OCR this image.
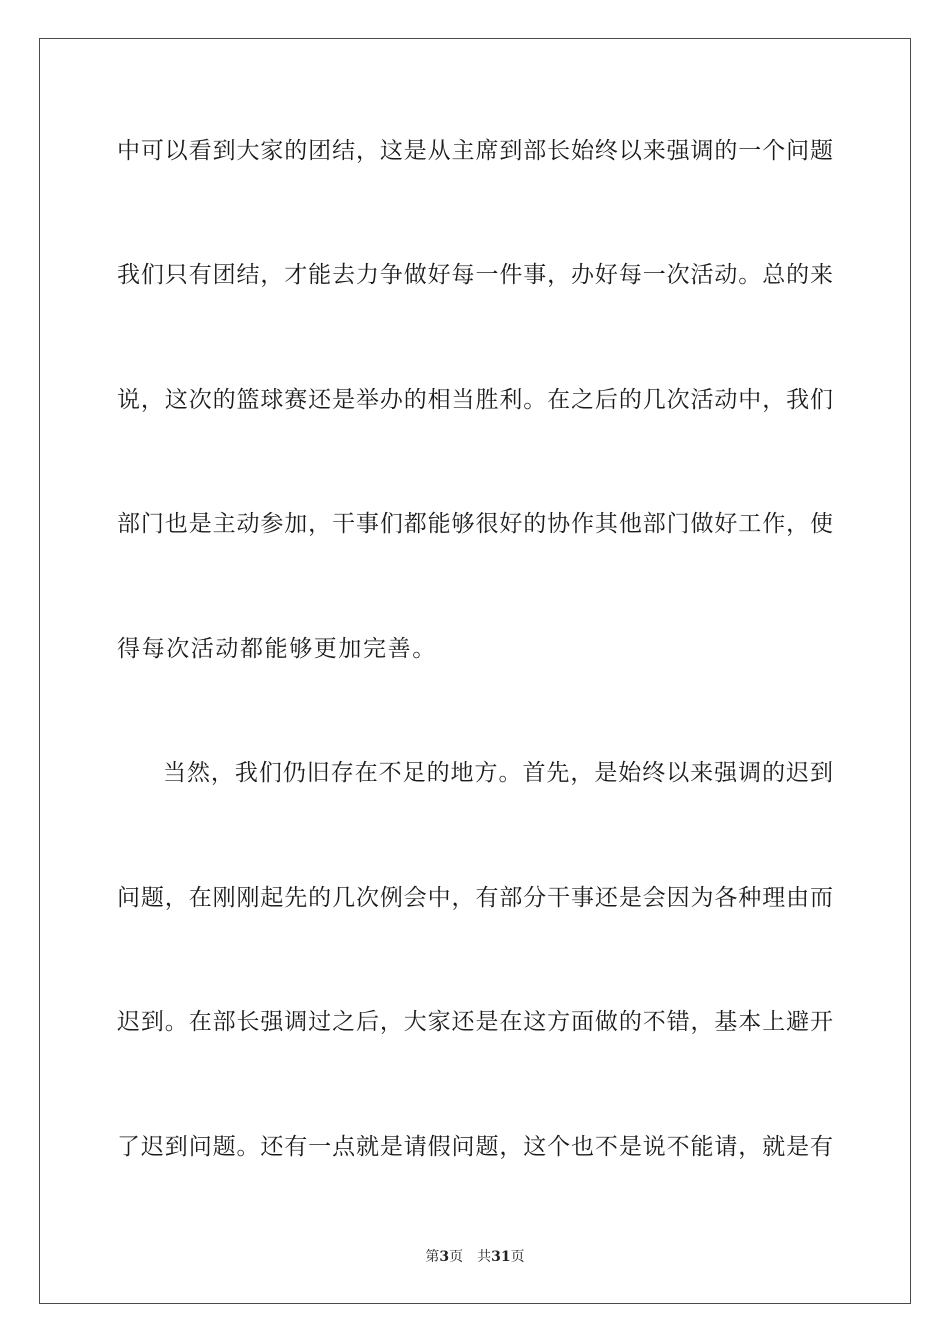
中可以看到大家的团结，这是从主席到部长始终以来强调的一个问题
我们只有团结，才能去力争做好每一件事，办好每一次活动。总的来
说，这次的篮球赛还是举办的相当胜利。在之后的几次活动中，我们
部门也是主动参加，干事们都能够很好的协作其他部门做好工作，使
得每次活动都能够更加完善。
当然，我们仍旧存在不足的地方。首先，是始终以来强调的迟到
问题，在刚刚起先的几次例会中，有部分干事还是会因为各种理由而
迟到。在部长强调过之后，大家还是在这方面做的不错，基本上避开
了迟到问题。还有一点就是请假问题，这个也不是说不能请，就是有
第3页 共31页
